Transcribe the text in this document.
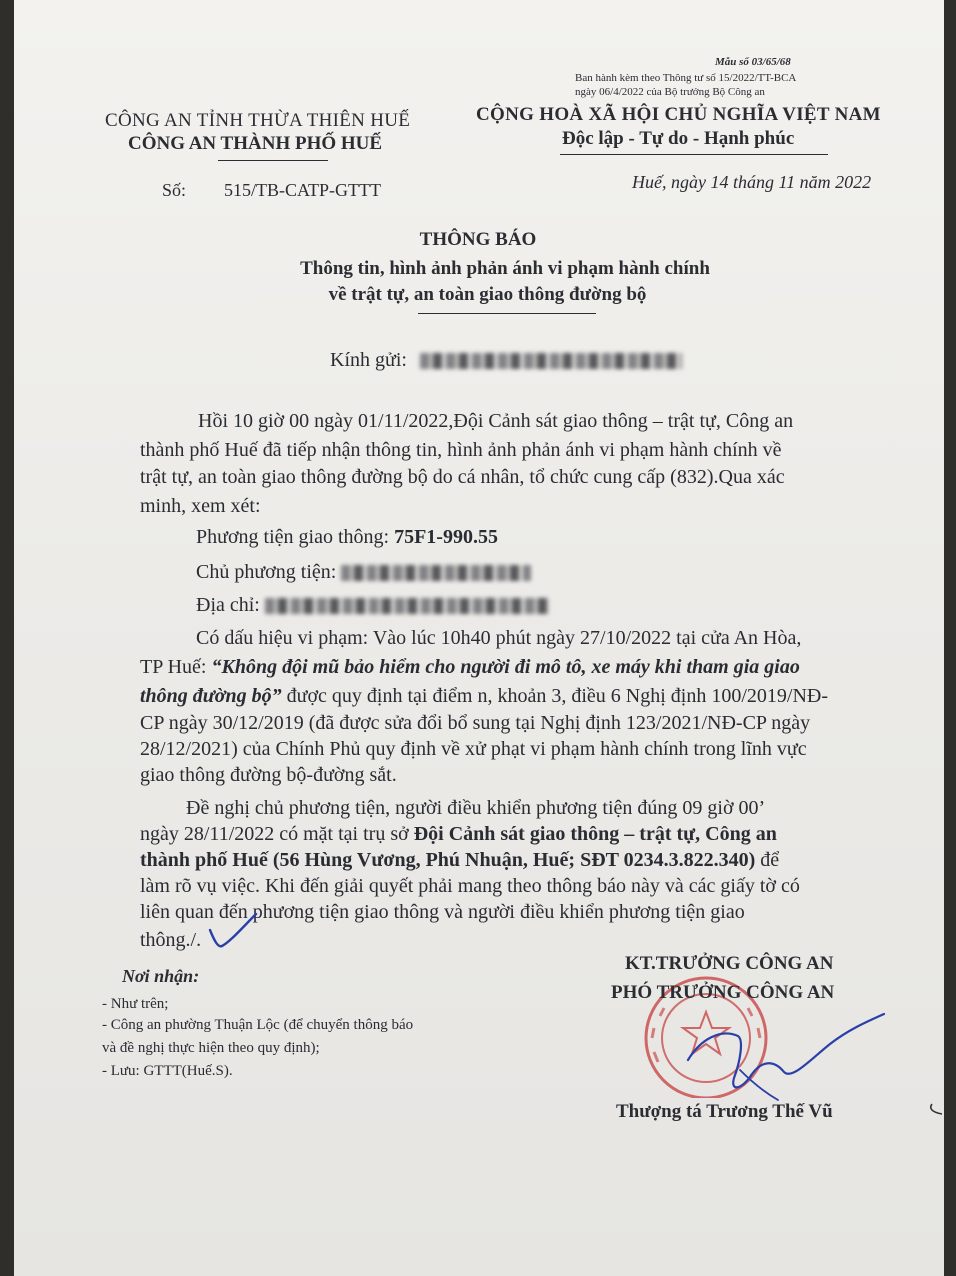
Mẫu số 03/65/68
Ban hành kèm theo Thông tư số 15/2022/TT-BCA
ngày 06/4/2022 của Bộ trưởng Bộ Công an
CÔNG AN TỈNH THỪA THIÊN HUẾ
CÔNG AN THÀNH PHỐ HUẾ
CỘNG HOÀ XÃ HỘI CHỦ NGHĨA VIỆT NAM
Độc lập - Tự do - Hạnh phúc
Số: 515/TB-CATP-GTTT	Huế, ngày 14 tháng 11 năm 2022
THÔNG BÁO
Thông tin, hình ảnh phản ánh vi phạm hành chính
về trật tự, an toàn giao thông đường bộ
Kính gửi:
Hồi 10 giờ 00 ngày 01/11/2022,Đội Cảnh sát giao thông – trật tự, Công an
thành phố Huế đã tiếp nhận thông tin, hình ảnh phản ánh vi phạm hành chính về
trật tự, an toàn giao thông đường bộ do cá nhân, tổ chức cung cấp (832).Qua xác
minh, xem xét:
Phương tiện giao thông: 75F1-990.55
Chủ phương tiện:
Địa chỉ:
Có dấu hiệu vi phạm: Vào lúc 10h40 phút ngày 27/10/2022 tại cửa An Hòa,
TP Huế: “Không đội mũ bảo hiểm cho người đi mô tô, xe máy khi tham gia giao
thông đường bộ” được quy định tại điểm n, khoản 3, điều 6 Nghị định 100/2019/NĐ-
CP ngày 30/12/2019 (đã được sửa đổi bổ sung tại Nghị định 123/2021/NĐ-CP ngày
28/12/2021) của Chính Phủ quy định về xử phạt vi phạm hành chính trong lĩnh vực
giao thông đường bộ-đường sắt.
Đề nghị chủ phương tiện, người điều khiển phương tiện đúng 09 giờ 00’
ngày 28/11/2022 có mặt tại trụ sở Đội Cảnh sát giao thông – trật tự, Công an
thành phố Huế (56 Hùng Vương, Phú Nhuận, Huế; SĐT 0234.3.822.340) để
làm rõ vụ việc. Khi đến giải quyết phải mang theo thông báo này và các giấy tờ có
liên quan đến phương tiện giao thông và người điều khiển phương tiện giao
thông./.
Nơi nhận:
- Như trên;
- Công an phường Thuận Lộc (để chuyển thông báo
và đề nghị thực hiện theo quy định);
- Lưu: GTTT(Huế.S).
KT.TRƯỞNG CÔNG AN
PHÓ TRƯỞNG CÔNG AN
Thượng tá Trương Thế Vũ
